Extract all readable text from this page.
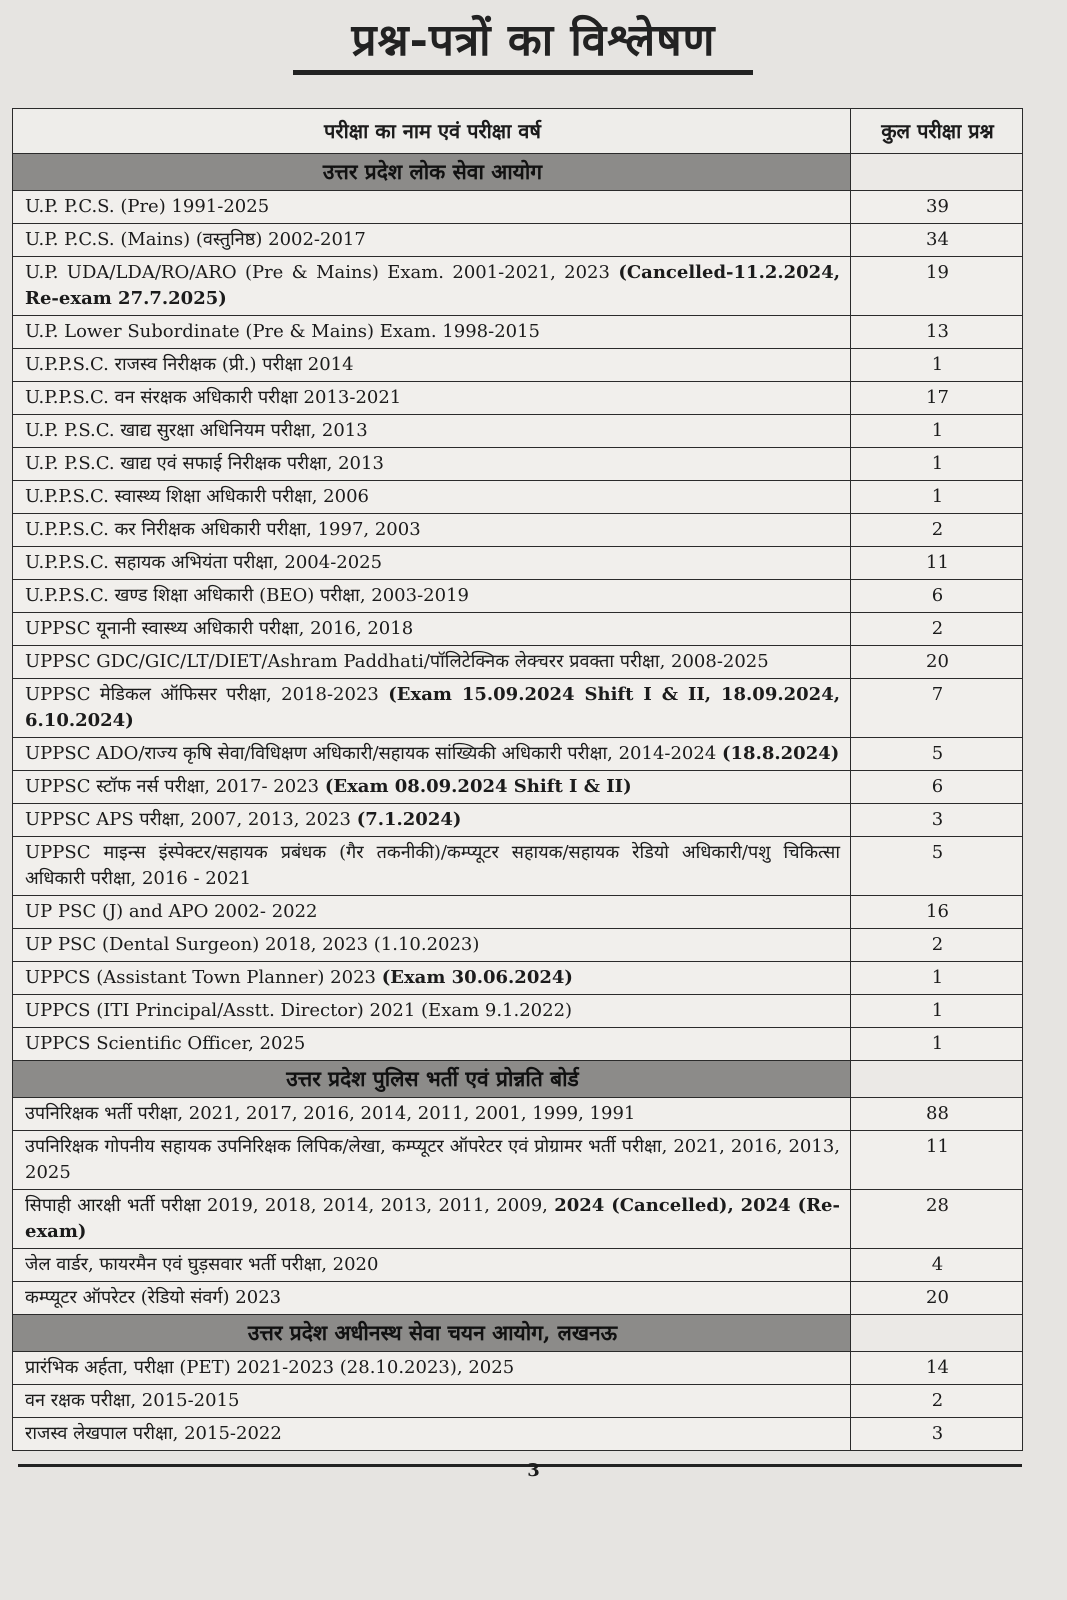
प्रश्न-पत्रों का विश्लेषण
परीक्षा का नाम एवं परीक्षा वर्ष	कुल परीक्षा प्रश्न
उत्तर प्रदेश लोक सेवा आयोग	
U.P. P.C.S. (Pre) 1991-2025	39
U.P. P.C.S. (Mains) (वस्तुनिष्ठ) 2002-2017	34
U.P. UDA/LDA/RO/ARO (Pre & Mains) Exam. 2001-2021, 2023 (Cancelled-11.2.2024, Re-exam 27.7.2025)	19
U.P. Lower Subordinate (Pre & Mains) Exam. 1998-2015	13
U.P.P.S.C. राजस्व निरीक्षक (प्री.) परीक्षा 2014	1
U.P.P.S.C. वन संरक्षक अधिकारी परीक्षा 2013-2021	17
U.P. P.S.C. खाद्य सुरक्षा अधिनियम परीक्षा, 2013	1
U.P. P.S.C. खाद्य एवं सफाई निरीक्षक परीक्षा, 2013	1
U.P.P.S.C. स्वास्थ्य शिक्षा अधिकारी परीक्षा, 2006	1
U.P.P.S.C. कर निरीक्षक अधिकारी परीक्षा, 1997, 2003	2
U.P.P.S.C. सहायक अभियंता परीक्षा, 2004-2025	11
U.P.P.S.C. खण्ड शिक्षा अधिकारी (BEO) परीक्षा, 2003-2019	6
UPPSC यूनानी स्वास्थ्य अधिकारी परीक्षा, 2016, 2018	2
UPPSC GDC/GIC/LT/DIET/Ashram Paddhati/पॉलिटेक्निक लेक्चरर प्रवक्ता परीक्षा, 2008-2025	20
UPPSC मेडिकल ऑफिसर परीक्षा, 2018-2023 (Exam 15.09.2024 Shift I & II, 18.09.2024, 6.10.2024)	7
UPPSC ADO/राज्य कृषि सेवा/विधिक्षण अधिकारी/सहायक सांख्यिकी अधिकारी परीक्षा, 2014-2024 (18.8.2024)	5
UPPSC स्टॉफ नर्स परीक्षा, 2017- 2023 (Exam 08.09.2024 Shift I & II)	6
UPPSC APS परीक्षा, 2007, 2013, 2023 (7.1.2024)	3
UPPSC माइन्स इंस्पेक्टर/सहायक प्रबंधक (गैर तकनीकी)/कम्प्यूटर सहायक/सहायक रेडियो अधिकारी/पशु चिकित्सा अधिकारी परीक्षा, 2016 - 2021	5
UP PSC (J) and APO 2002- 2022	16
UP PSC (Dental Surgeon) 2018, 2023 (1.10.2023)	2
UPPCS (Assistant Town Planner) 2023 (Exam 30.06.2024)	1
UPPCS (ITI Principal/Asstt. Director) 2021 (Exam 9.1.2022)	1
UPPCS Scientific Officer, 2025	1
उत्तर प्रदेश पुलिस भर्ती एवं प्रोन्नति बोर्ड	
उपनिरिक्षक भर्ती परीक्षा, 2021, 2017, 2016, 2014, 2011, 2001, 1999, 1991	88
उपनिरिक्षक गोपनीय सहायक उपनिरिक्षक लिपिक/लेखा, कम्प्यूटर ऑपरेटर एवं प्रोग्रामर भर्ती परीक्षा, 2021, 2016, 2013, 2025	11
सिपाही आरक्षी भर्ती परीक्षा 2019, 2018, 2014, 2013, 2011, 2009, 2024 (Cancelled), 2024 (Re-exam)	28
जेल वार्डर, फायरमैन एवं घुड़सवार भर्ती परीक्षा, 2020	4
कम्प्यूटर ऑपरेटर (रेडियो संवर्ग) 2023	20
उत्तर प्रदेश अधीनस्थ सेवा चयन आयोग, लखनऊ	
प्रारंभिक अर्हता, परीक्षा (PET) 2021-2023 (28.10.2023), 2025	14
वन रक्षक परीक्षा, 2015-2015	2
राजस्व लेखपाल परीक्षा, 2015-2022	3
3
